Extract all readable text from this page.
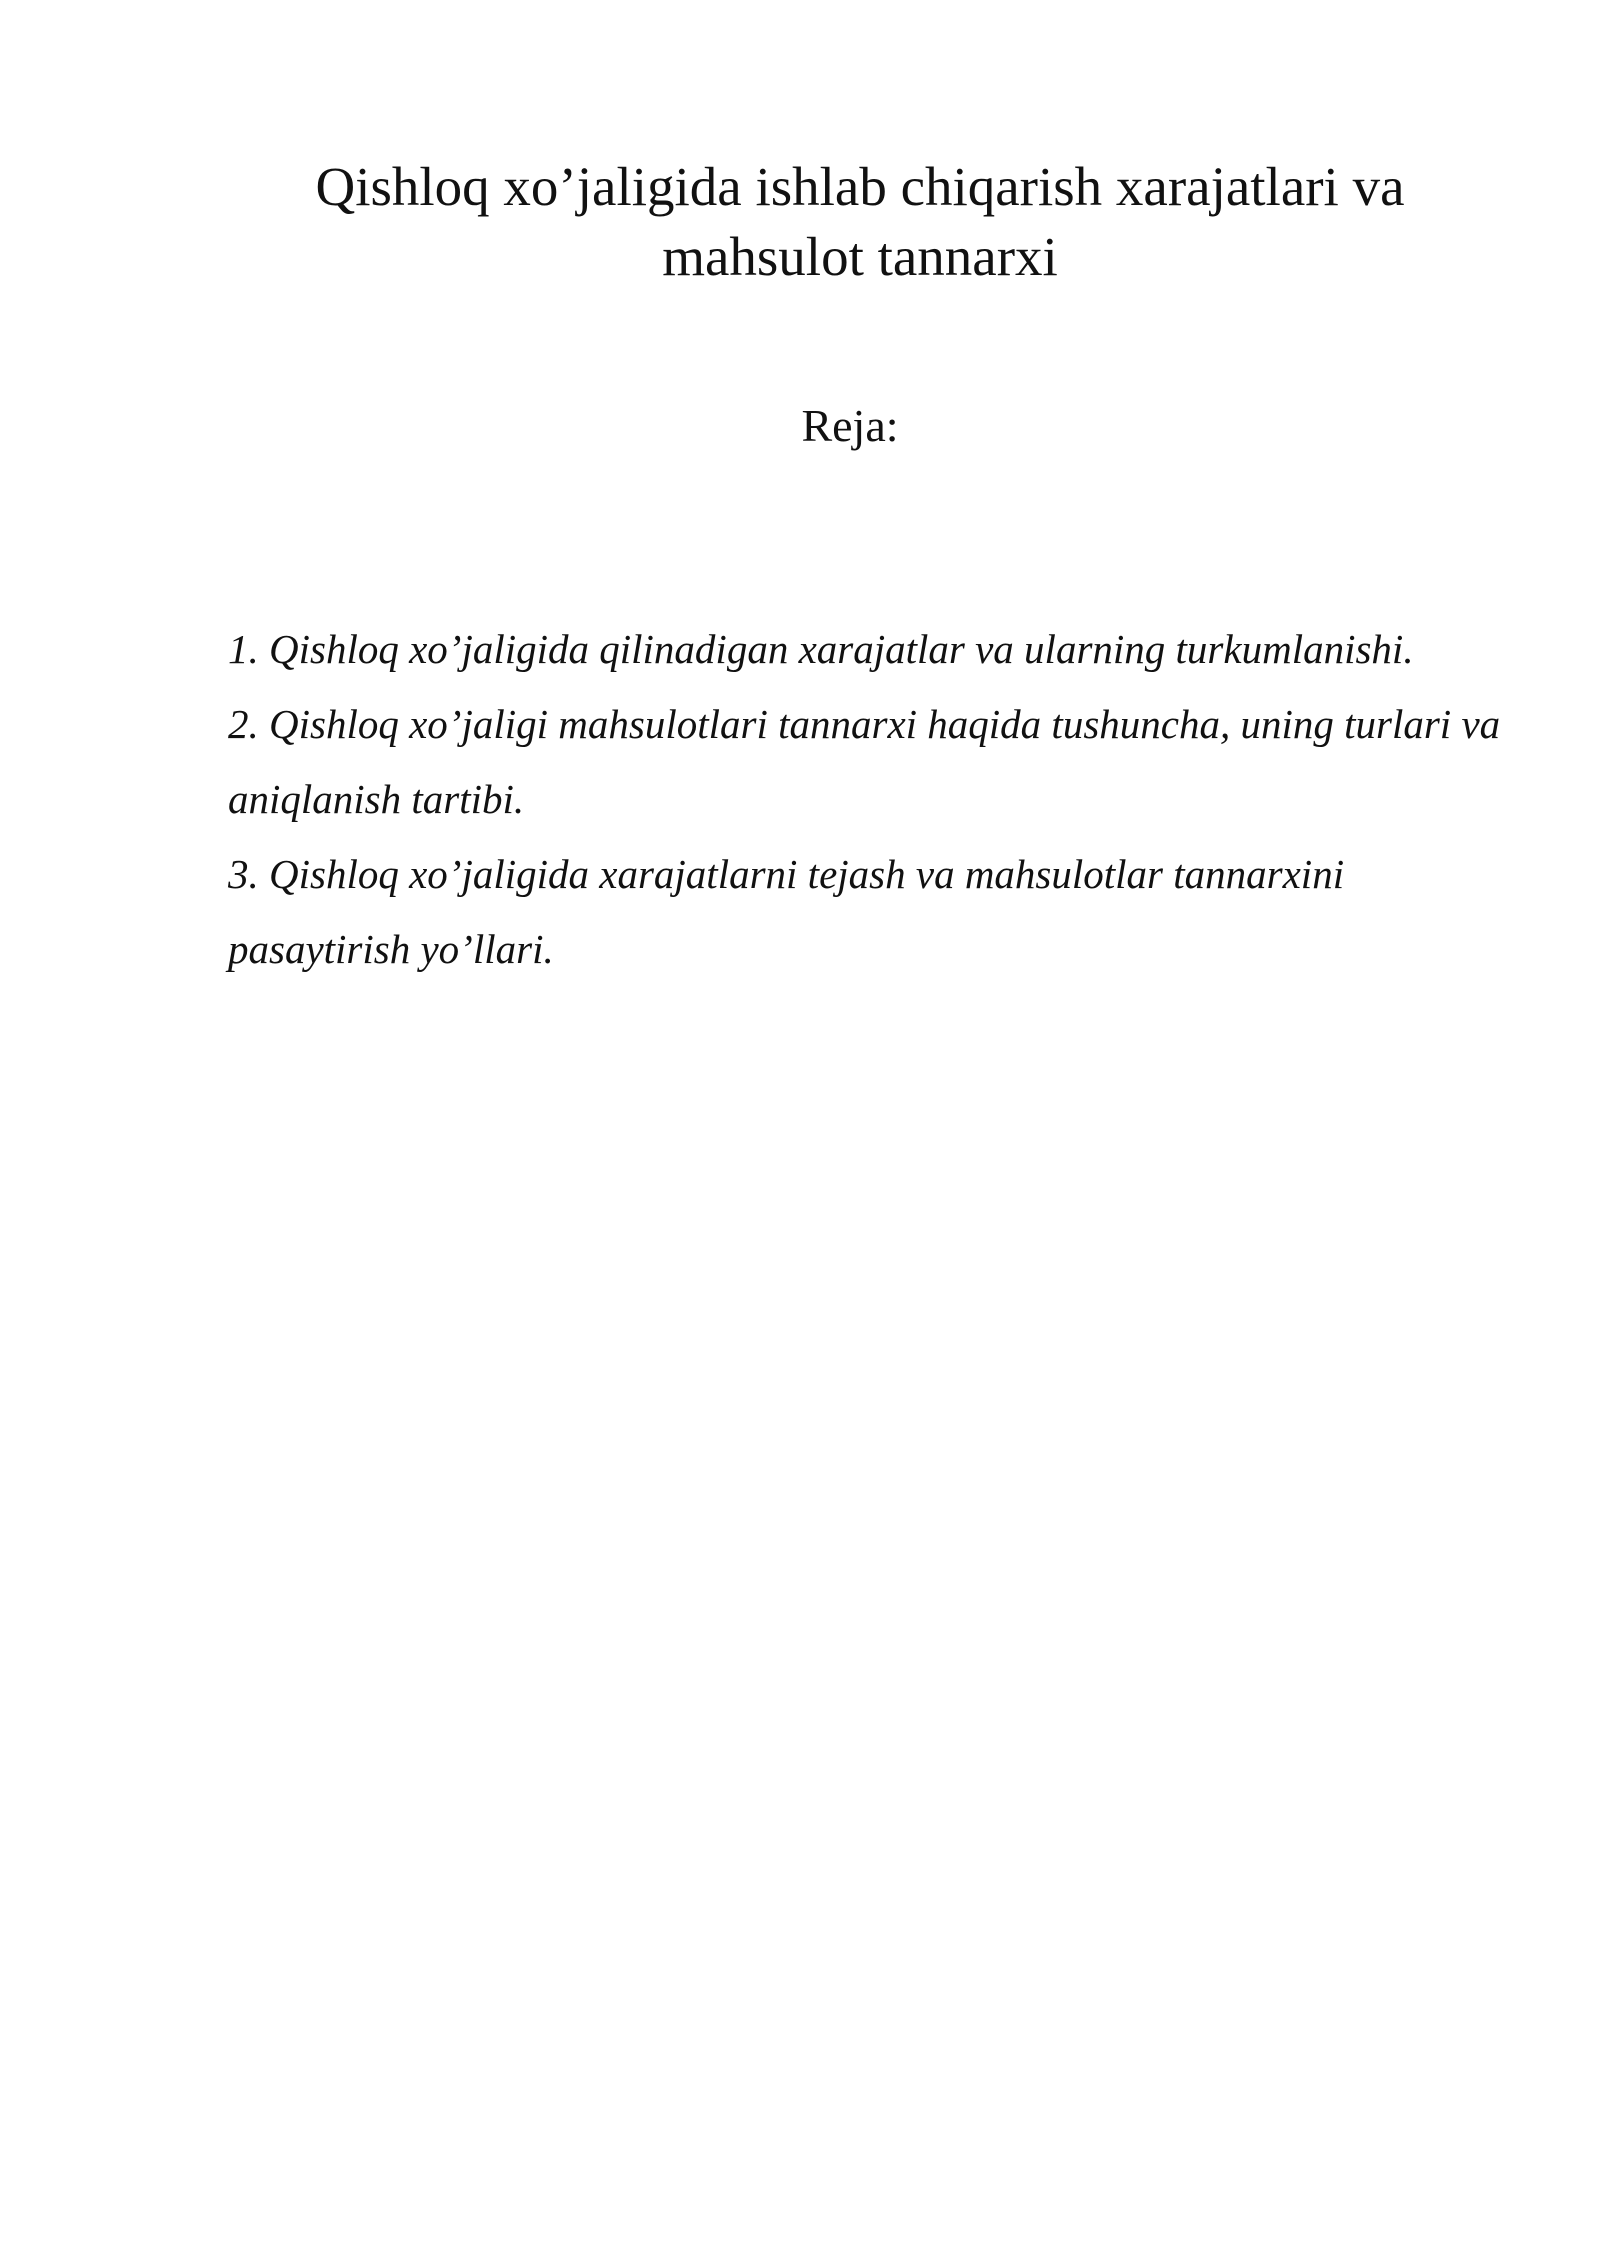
Qishloq xo’jaligida ishlab chiqarish xarajatlari va
mahsulot tannarxi
Reja:
1. Qishloq xo’jaligida qilinadigan xarajatlar va ularning turkumlanishi.
2. Qishloq xo’jaligi mahsulotlari tannarxi haqida tushuncha, uning turlari va aniqlanish tartibi.
3. Qishloq xo’jaligida xarajatlarni tejash va mahsulotlar tannarxini pasaytirish yo’llari.
